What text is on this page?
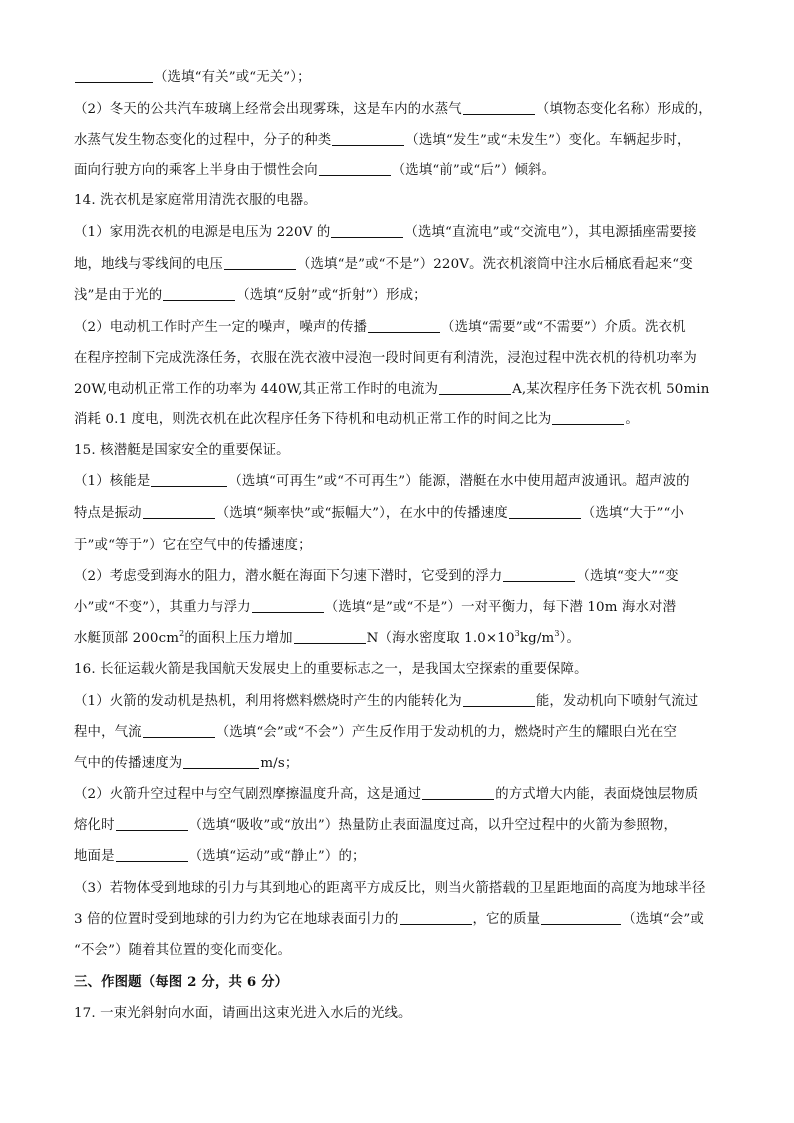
（选填“有关”或“无关”）；
（2）冬天的公共汽车玻璃上经常会出现雾珠，这是车内的水蒸气	（填物态变化名称）形成的，
水蒸气发生物态变化的过程中，分子的种类	（选填“发生”或“未发生”）变化。车辆起步时，
面向行驶方向的乘客上半身由于惯性会向	（选填“前”或“后”）倾斜。
14. 洗衣机是家庭常用清洗衣服的电器。
（1）家用洗衣机的电源是电压为 220V 的	（选填“直流电”或“交流电”），其电源插座需要接
地，地线与零线间的电压	（选填“是”或“不是”）220V。洗衣机滚筒中注水后桶底看起来“变
浅”是由于光的	（选填“反射”或“折射”）形成；
（2）电动机工作时产生一定的噪声，噪声的传播	（选填“需要”或“不需要”）介质。洗衣机
在程序控制下完成洗涤任务，衣服在洗衣液中浸泡一段时间更有利清洗，浸泡过程中洗衣机的待机功率为
20W,电动机正常工作的功率为 440W,其正常工作时的电流为	A,某次程序任务下洗衣机 50min
消耗 0.1 度电，则洗衣机在此次程序任务下待机和电动机正常工作的时间之比为	。
15. 核潜艇是国家安全的重要保证。
（1）核能是	（选填“可再生”或“不可再生”）能源，潜艇在水中使用超声波通讯。超声波的
特点是振动	（选填“频率快”或“振幅大”），在水中的传播速度	（选填“大于”“小
于”或“等于”）它在空气中的传播速度；
（2）考虑受到海水的阻力，潜水艇在海面下匀速下潜时，它受到的浮力	（选填“变大”“变
小”或“不变”），其重力与浮力	（选填“是”或“不是”）一对平衡力，每下潜 10m 海水对潜
水艇顶部 $200cm^2$的面积上压力增加	N（海水密度取 $1.0\times 10^3kg/m^3$）。
16. 长征运载火箭是我国航天发展史上的重要标志之一，是我国太空探索的重要保障。
（1）火箭的发动机是热机，利用将燃料燃烧时产生的内能转化为	能，发动机向下喷射气流过
程中，气流	（选填“会”或“不会”）产生反作用于发动机的力，燃烧时产生的耀眼白光在空
气中的传播速度为	m/s；
（2）火箭升空过程中与空气剧烈摩擦温度升高，这是通过	的方式增大内能，表面烧蚀层物质
熔化时	（选填“吸收”或“放出”）热量防止表面温度过高，以升空过程中的火箭为参照物，
地面是	（选填“运动”或“静止”）的；
（3）若物体受到地球的引力与其到地心的距离平方成反比，则当火箭搭载的卫星距地面的高度为地球半径
3 倍的位置时受到地球的引力约为它在地球表面引力的	，它的质量	（选填“会”或
“不会”）随着其位置的变化而变化。
三、作图题（每图 2 分，共 6 分）
17. 一束光斜射向水面，请画出这束光进入水后的光线。
